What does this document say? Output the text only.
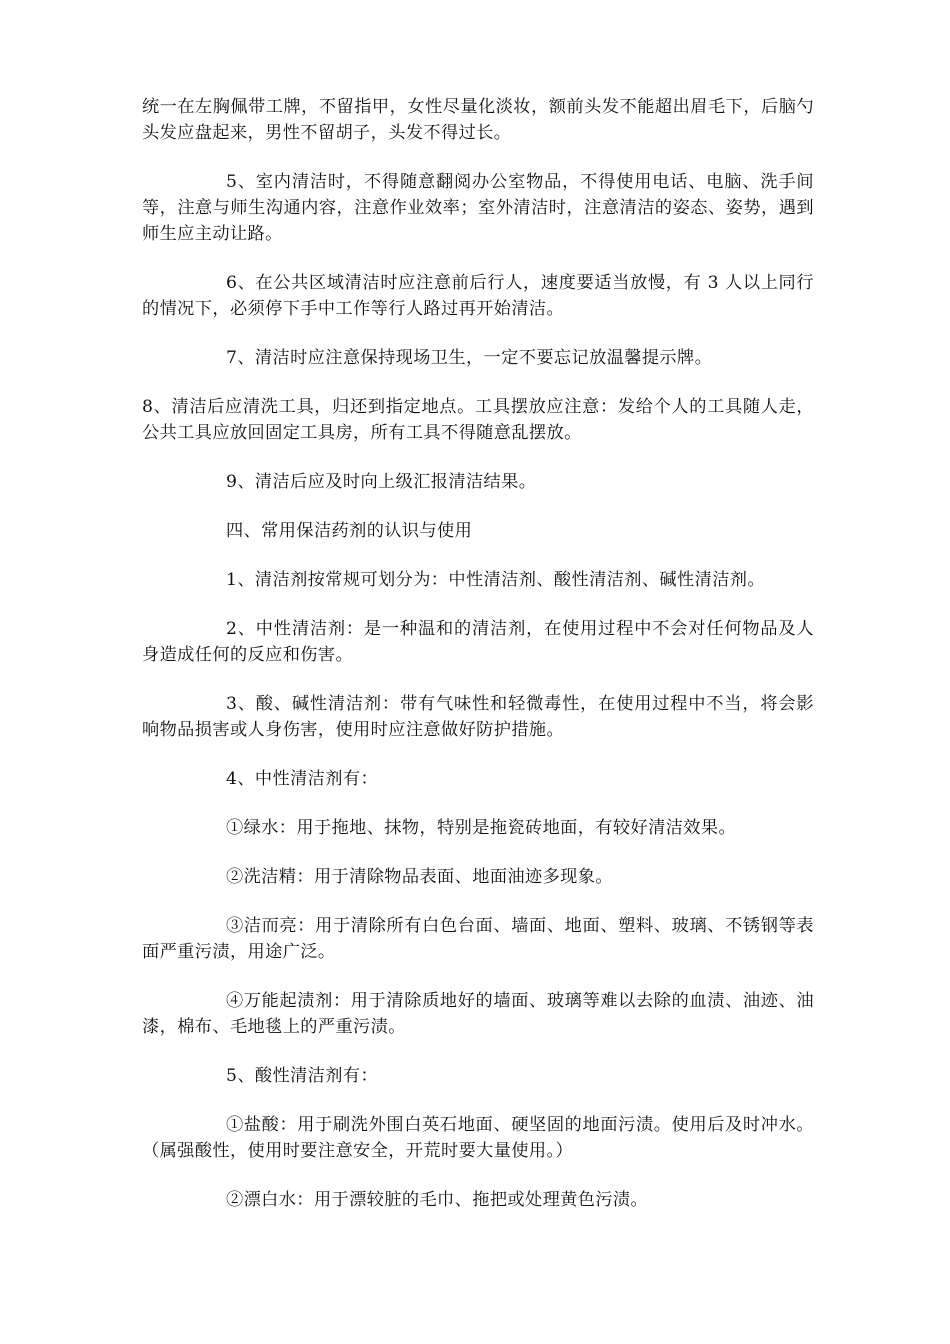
统一在左胸佩带工牌，不留指甲，女性尽量化淡妆，额前头发不能超出眉毛下，后脑勺头发应盘起来，男性不留胡子，头发不得过长。

5、室内清洁时，不得随意翻阅办公室物品，不得使用电话、电脑、洗手间等，注意与师生沟通内容，注意作业效率；室外清洁时，注意清洁的姿态、姿势，遇到师生应主动让路。

6、在公共区域清洁时应注意前后行人，速度要适当放慢，有 3 人以上同行的情况下，必须停下手中工作等行人路过再开始清洁。

7、清洁时应注意保持现场卫生，一定不要忘记放温馨提示牌。

8、清洁后应清洗工具，归还到指定地点。工具摆放应注意：发给个人的工具随人走，公共工具应放回固定工具房，所有工具不得随意乱摆放。

9、清洁后应及时向上级汇报清洁结果。

四、常用保洁药剂的认识与使用

1、清洁剂按常规可划分为：中性清洁剂、酸性清洁剂、碱性清洁剂。

2、中性清洁剂：是一种温和的清洁剂，在使用过程中不会对任何物品及人身造成任何的反应和伤害。

3、酸、碱性清洁剂：带有气味性和轻微毒性，在使用过程中不当，将会影响物品损害或人身伤害，使用时应注意做好防护措施。

4、中性清洁剂有：

①绿水：用于拖地、抹物，特别是拖瓷砖地面，有较好清洁效果。

②洗洁精：用于清除物品表面、地面油迹多现象。

③洁而亮：用于清除所有白色台面、墙面、地面、塑料、玻璃、不锈钢等表面严重污渍，用途广泛。

④万能起渍剂：用于清除质地好的墙面、玻璃等难以去除的血渍、油迹、油漆，棉布、毛地毯上的严重污渍。

5、酸性清洁剂有：

①盐酸：用于刷洗外围白英石地面、硬坚固的地面污渍。使用后及时冲水。（属强酸性，使用时要注意安全，开荒时要大量使用。）

②漂白水：用于漂较脏的毛巾、拖把或处理黄色污渍。
